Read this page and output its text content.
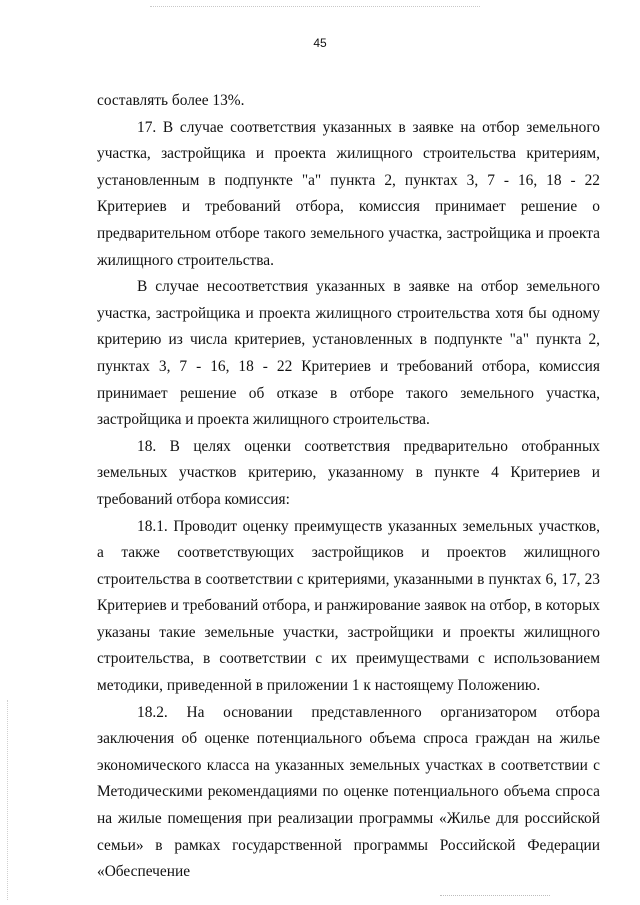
45

составлять более 13%.

17. В случае соответствия указанных в заявке на отбор земельного участка, застройщика и проекта жилищного строительства критериям, установленным в подпункте "а" пункта 2, пунктах 3, 7 - 16, 18 - 22 Критериев и требований отбора, комиссия принимает решение о предварительном отборе такого земельного участка, застройщика и проекта жилищного строительства.

В случае несоответствия указанных в заявке на отбор земельного участка, застройщика и проекта жилищного строительства хотя бы одному критерию из числа критериев, установленных в подпункте "а" пункта 2, пунктах 3, 7 - 16, 18 - 22 Критериев и требований отбора, комиссия принимает решение об отказе в отборе такого земельного участка, застройщика и проекта жилищного строительства.

18. В целях оценки соответствия предварительно отобранных земельных участков критерию, указанному в пункте 4 Критериев и требований отбора комиссия:

18.1. Проводит оценку преимуществ указанных земельных участков, а также соответствующих застройщиков и проектов жилищного строительства в соответствии с критериями, указанными в пунктах 6, 17, 23 Критериев и требований отбора, и ранжирование заявок на отбор, в которых указаны такие земельные участки, застройщики и проекты жилищного строительства, в соответствии с их преимуществами с использованием методики, приведенной в приложении 1 к настоящему Положению.

18.2. На основании представленного организатором отбора заключения об оценке потенциального объема спроса граждан на жилье экономического класса на указанных земельных участках в соответствии с Методическими рекомендациями по оценке потенциального объема спроса на жилые помещения при реализации программы «Жилье для российской семьи» в рамках государственной программы Российской Федерации «Обеспечение
